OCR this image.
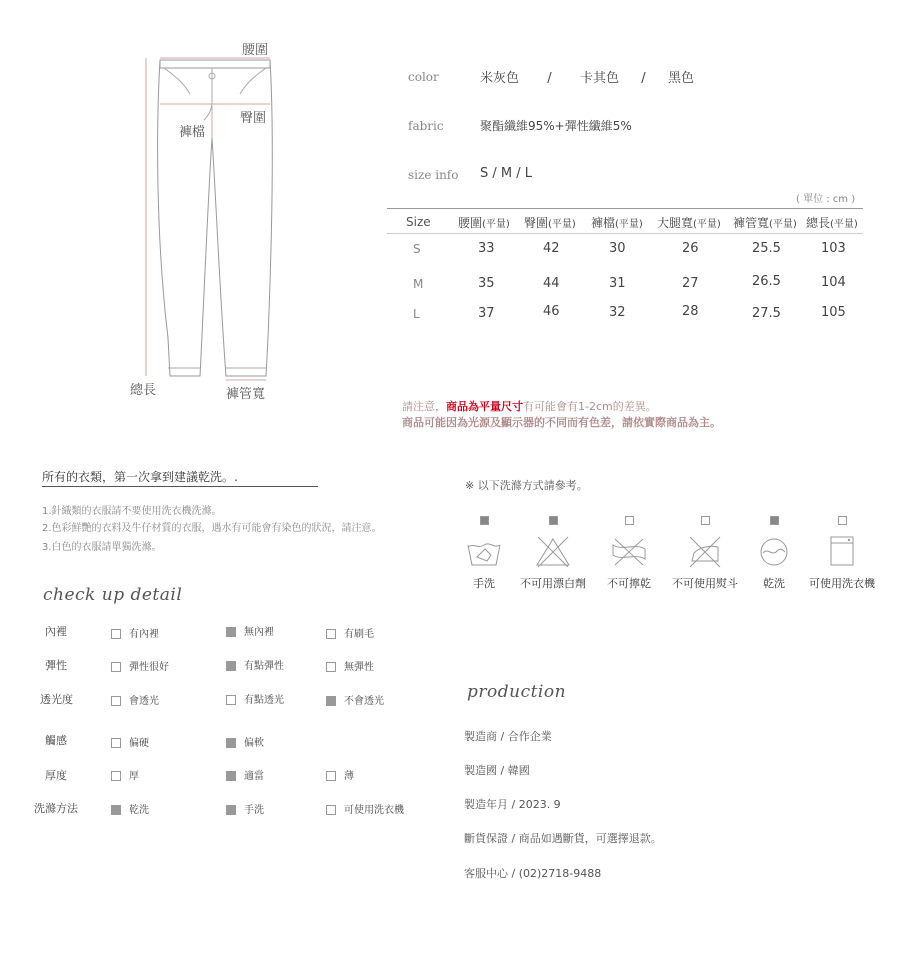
腰圍
臀圍
褲檔
總長	褲管寬
color	米灰色 / 卡其色 / 黑色
fabric	聚酯纖維95%+彈性纖維5%
size info S / M / L
( 單位 : cm )
Size 腰圍(平量) 臀圍(平量) 褲檔(平量) 大腿寬(平量) 褲管寬(平量) 總長(平量)
S	33	42	30	26	25.5	103
M	35	44	31	27	26.5	104
L	37	46	32	28	27.5	105
請注意，商品為平量尺寸有可能會有1-2cm的差異。
商品可能因為光源及顯示器的不同而有色差，請依實際商品為主。
所有的衣類，第一次拿到建議乾洗。.
1.針織類的衣服請不要使用洗衣機洗滌。
2.色彩鮮艷的衣料及牛仔材質的衣服，遇水有可能會有染色的狀況，請注意。
3.白色的衣服請單獨洗滌。
※ 以下洗滌方式請參考。
手洗	不可用漂白劑	不可擰乾	不可使用熨斗	乾洗	可使用洗衣機
check up detail
內裡	有內裡	無內裡	有刷毛
彈性	彈性很好	有點彈性	無彈性
透光度	會透光	有點透光	不會透光
觸感	偏硬	偏軟
厚度	厚	適當	薄
洗滌方法	乾洗	手洗	可使用洗衣機
production
製造商 / 合作企業
製造國 / 韓國
製造年月 / 2023. 9
斷貨保證 / 商品如遇斷貨，可選擇退款。
客服中心 / (02)2718-9488
